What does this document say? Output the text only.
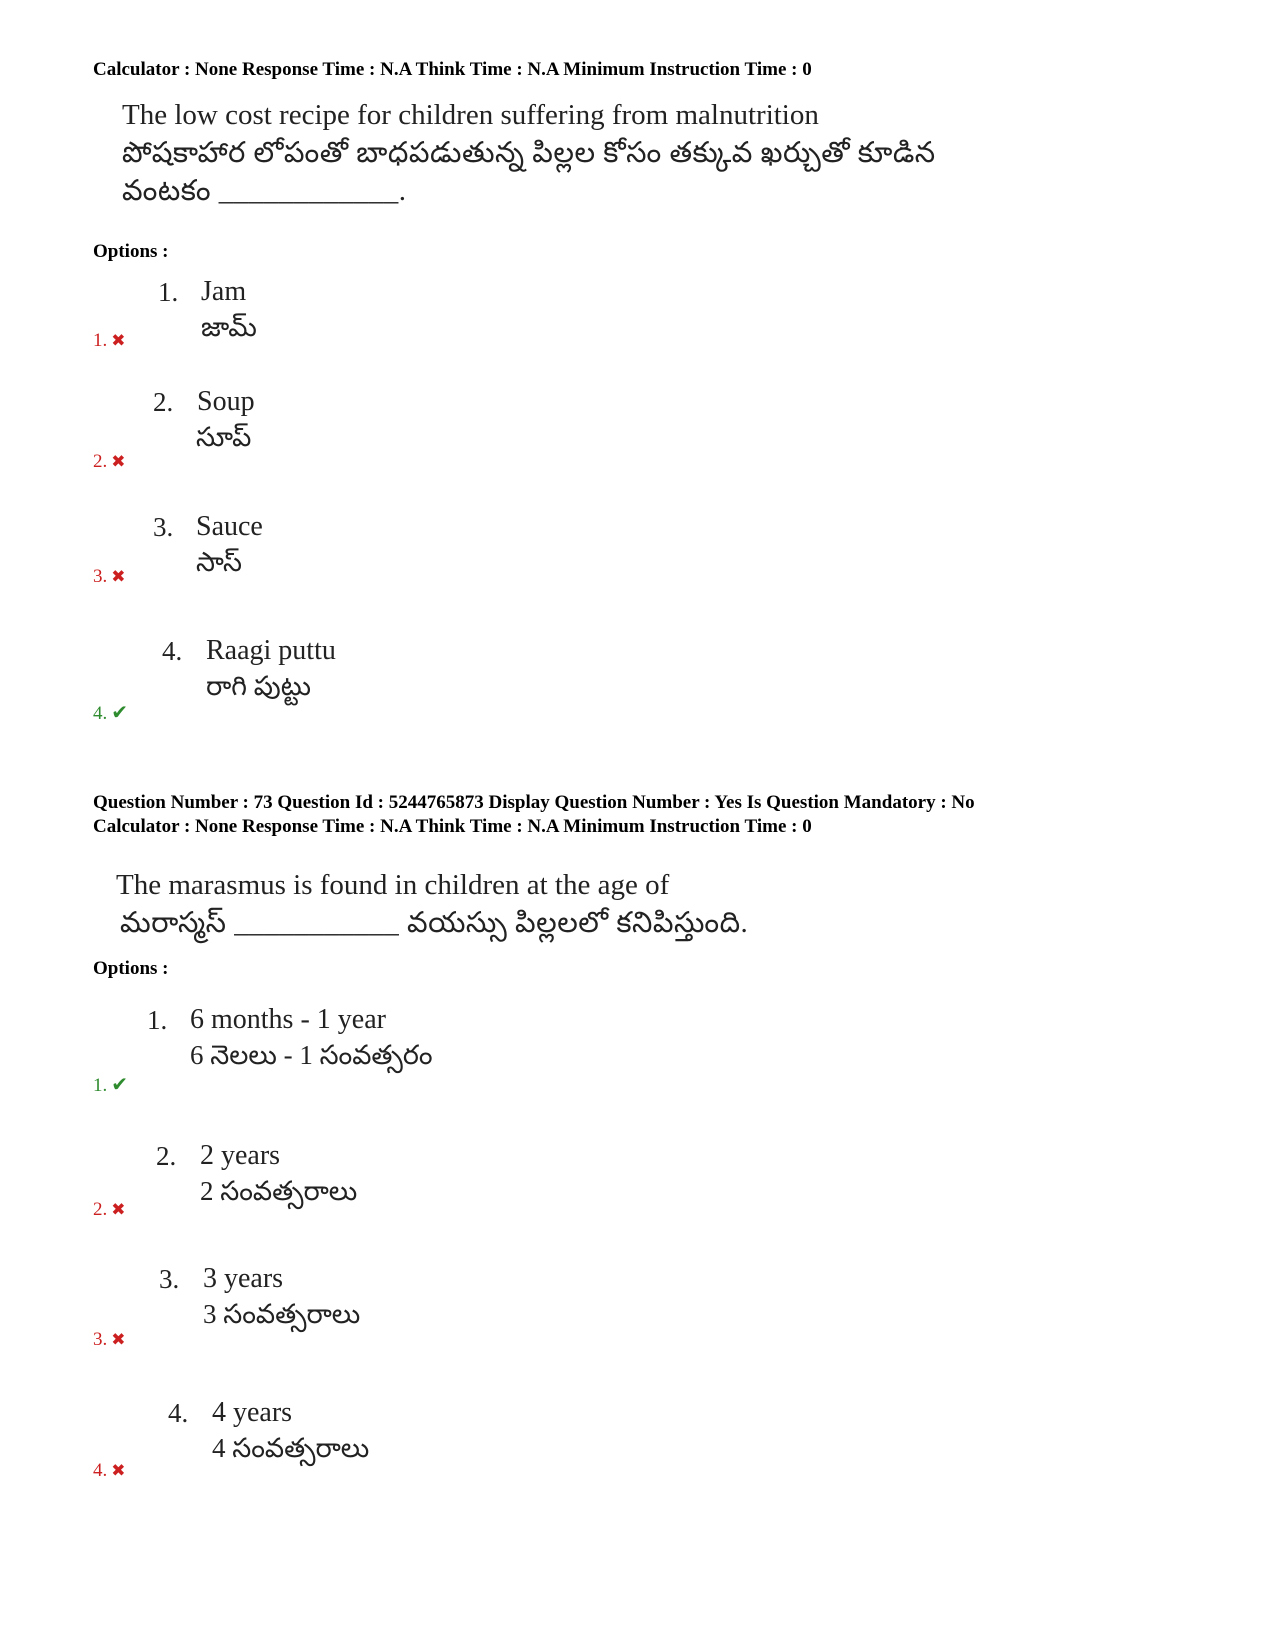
Calculator : None Response Time : N.A Think Time : N.A Minimum Instruction Time : 0
The low cost recipe for children suffering from malnutrition
పోషకాహార లోపంతో బాధపడుతున్న పిల్లల కోసం తక్కువ ఖర్చుతో కూడిన
వంటకం ____________.
Options :
1. Jam
జామ్
1. ✖
2. Soup
సూప్
2. ✖
3. Sauce
సాస్
3. ✖
4. Raagi puttu
రాగి పుట్టు
4. ✔
Question Number : 73 Question Id : 5244765873 Display Question Number : Yes Is Question Mandatory : No
Calculator : None Response Time : N.A Think Time : N.A Minimum Instruction Time : 0
The marasmus is found in children at the age of
మరాస్మస్ ___________ వయస్సు పిల్లలలో కనిపిస్తుంది.
Options :
1. 6 months - 1 year
6 నెలలు - 1 సంవత్సరం
1. ✔
2. 2 years
2 సంవత్సరాలు
2. ✖
3. 3 years
3 సంవత్సరాలు
3. ✖
4. 4 years
4 సంవత్సరాలు
4. ✖
